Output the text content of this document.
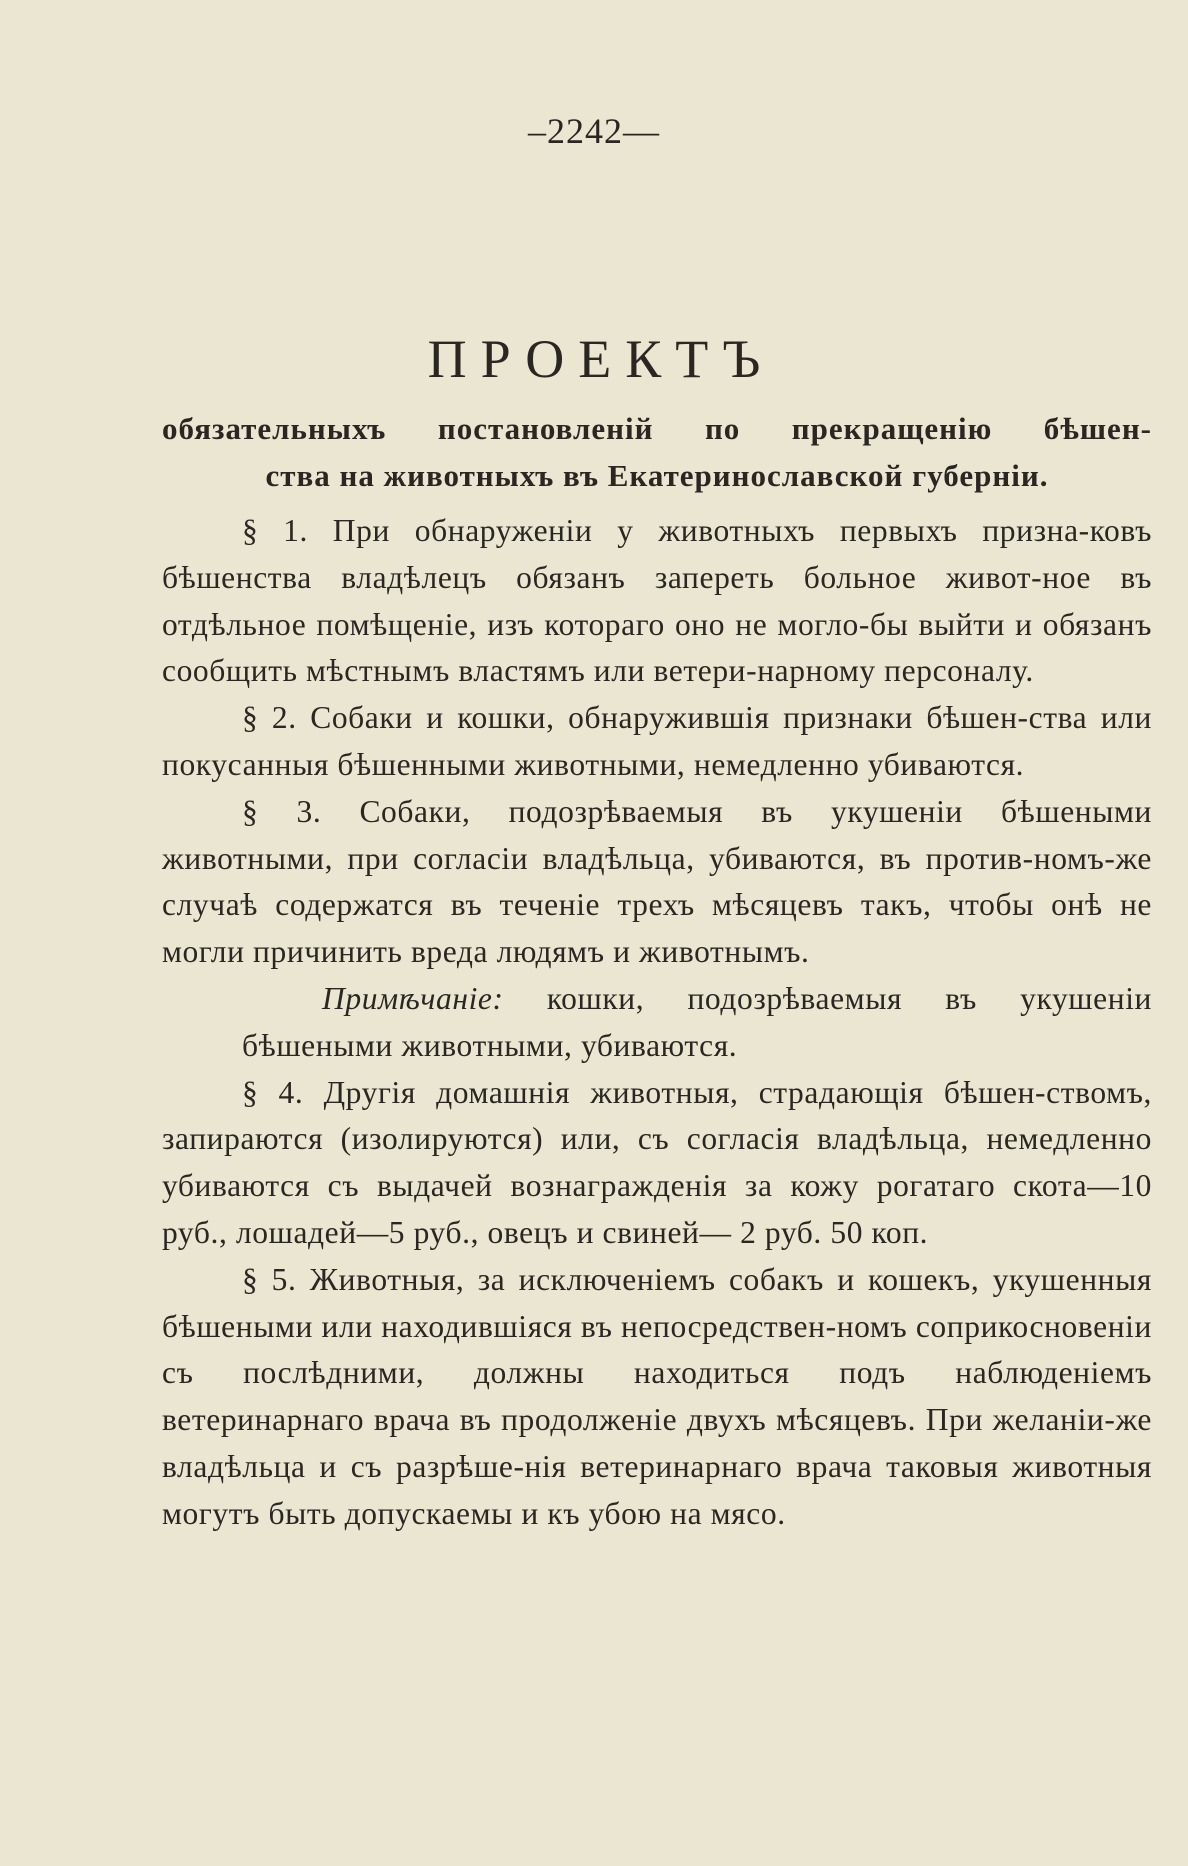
–2242—
ПРОЕКТЪ
обязательныхъ постановленій по прекращенію бѣшен-
ства на животныхъ въ Екатеринославской губерніи.

§ 1. При обнаруженіи у животныхъ первыхъ призна-ковъ бѣшенства владѣлецъ обязанъ запереть больное живот-ное въ отдѣльное помѣщеніе, изъ котораго оно не могло-бы выйти и обязанъ сообщить мѣстнымъ властямъ или ветери-нарному персоналу.

§ 2. Собаки и кошки, обнаружившія признаки бѣшен-ства или покусанныя бѣшенными животными, немедленно убиваются.

§ 3. Собаки, подозрѣваемыя въ укушеніи бѣшеными животными, при согласіи владѣльца, убиваются, въ против-номъ-же случаѣ содержатся въ теченіе трехъ мѣсяцевъ такъ, чтобы онѣ не могли причинить вреда людямъ и животнымъ.

Примѣчаніе: кошки, подозрѣваемыя въ укушеніи бѣшеными животными, убиваются.

§ 4. Другія домашнія животныя, страдающія бѣшен-ствомъ, запираются (изолируются) или, съ согласія владѣльца, немедленно убиваются съ выдачей вознагражденія за кожу рогатаго скота—10 руб., лошадей—5 руб., овецъ и свиней— 2 руб. 50 коп.

§ 5. Животныя, за исключеніемъ собакъ и кошекъ, укушенныя бѣшеными или находившіяся въ непосредствен-номъ соприкосновеніи съ послѣдними, должны находиться подъ наблюденіемъ ветеринарнаго врача въ продолженіе двухъ мѣсяцевъ. При желаніи-же владѣльца и съ разрѣше-нія ветеринарнаго врача таковыя животныя могутъ быть допускаемы и къ убою на мясо.
